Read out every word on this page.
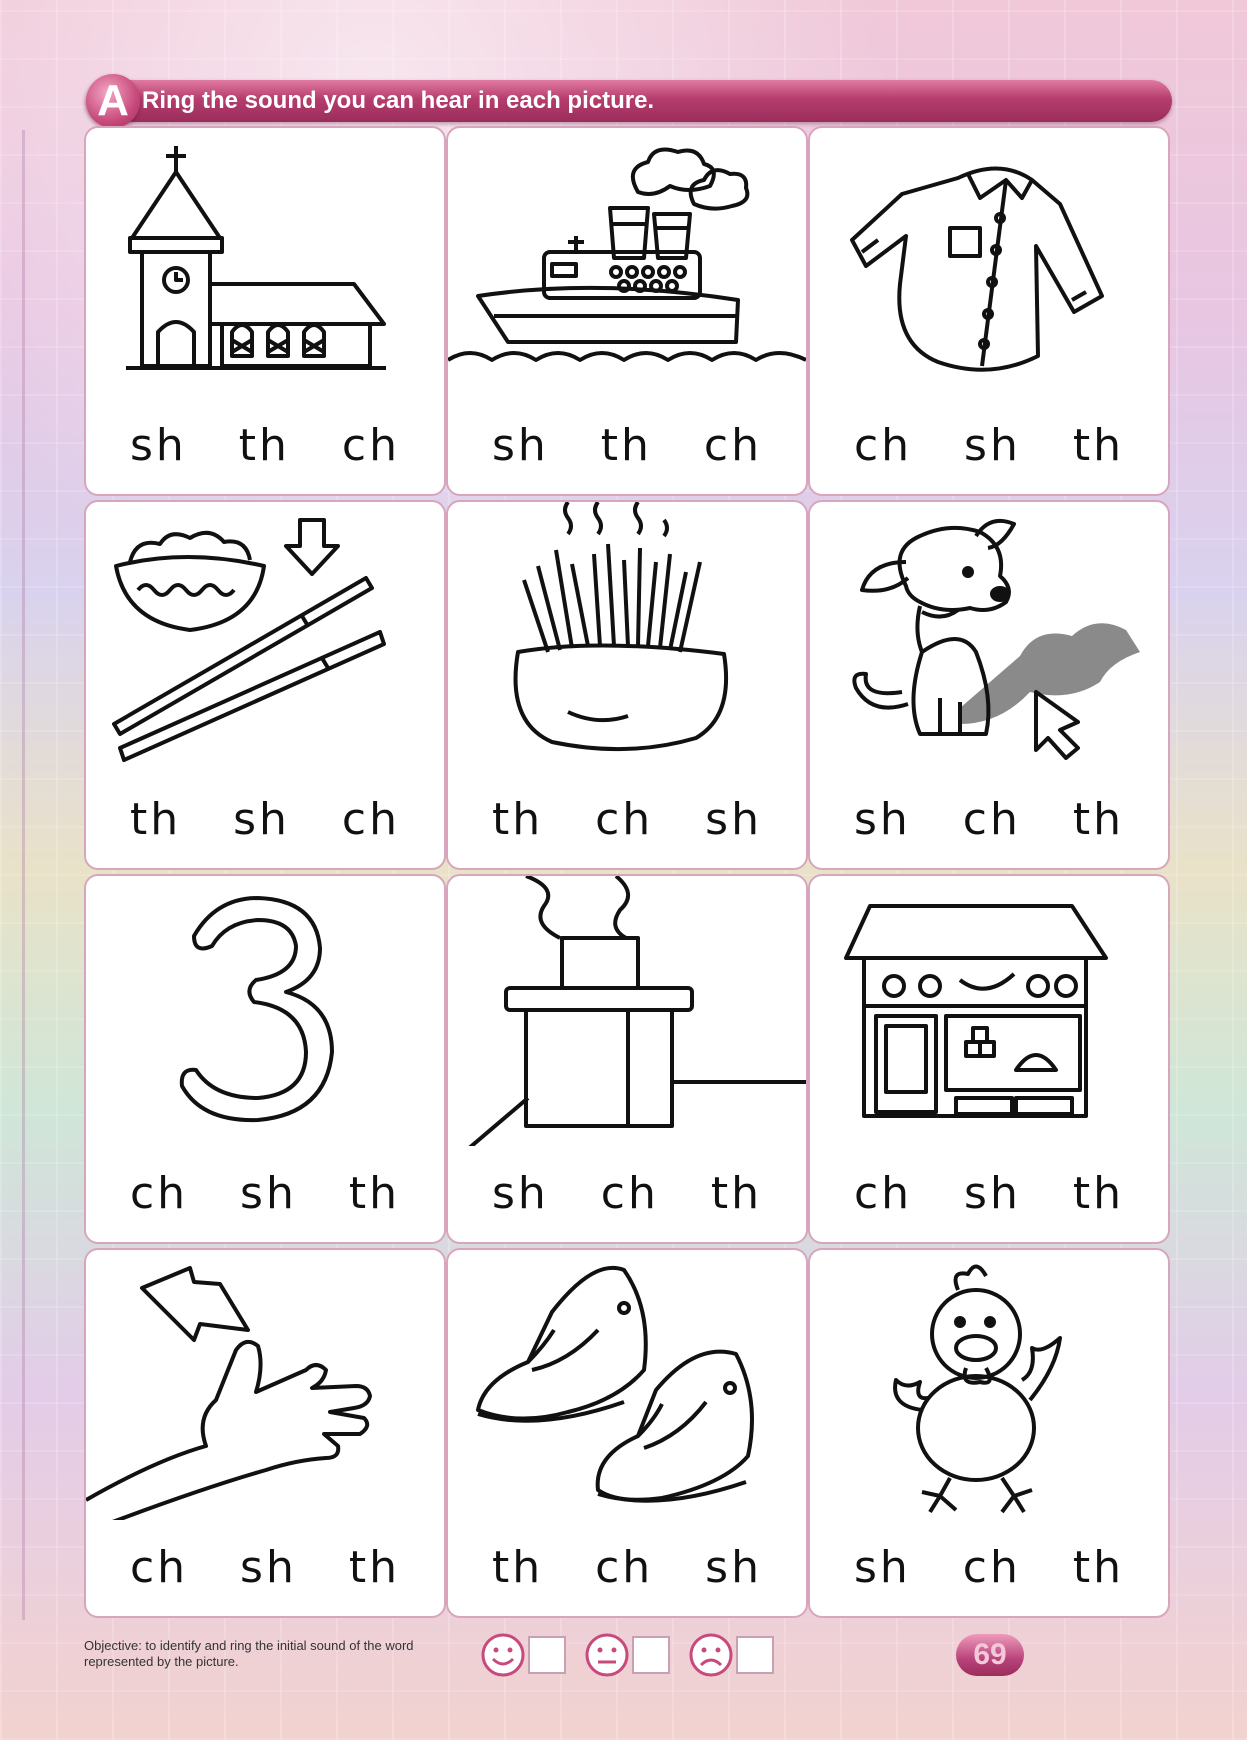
A Ring the sound you can hear in each picture.
sh th ch sh th ch ch sh th
th sh ch th ch sh sh ch th
ch sh th sh ch th ch sh th
ch sh th th ch sh sh ch th
Objective: to identify and ring the initial sound of the word represented by the picture.	69
